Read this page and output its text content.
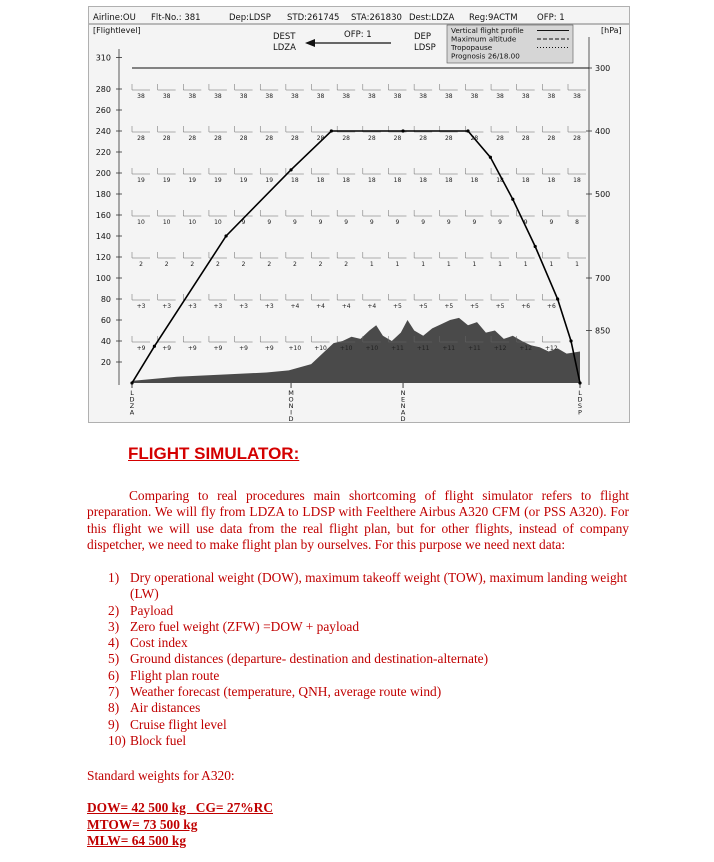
Airline:OU Flt-No.: 381	Dep:LDSP STD:261745 STA:261830 Dest:LDZA Reg:9ACTM OFP: 1
[Flightlevel]	[hPa]
Vertical flight profile
Maximum altitude
Tropopause
Prognosis 26/18.00
DEST
LDZA
OFP: 1	DEP
LDSP
310
280
260
240
220
200
180
160
140
120
100
80
60
40
20
300
400
500
700
850
38	38	38	38	38	38	38	38	38	38	38	38	38	38	38	38	38	38
28	28	28	28	28	28	28	28	28	28	28	28	28	28	28	28	28	28
19	19	19	19	19	19	18	18	18	18	18	18	18	18	18	18	18	18
10	10	10	10	9	9	9	9	9	9	9	9	9	9	9	9	9	8
2	2	2	2	2	2	2	2	2	1	1	1	1	1	1	1	1	1
+3	+3	+3	+3	+3	+3	+4	+4	+4	+4	+5	+5	+5	+5	+5	+6	+6
+9	+9	+9	+9	+9	+9 +10 +10 +10 +10 +11 +11 +11 +11 +12 +12 +12
L D Z A
M O N I D
N E N A D
L D S P
FLIGHT SIMULATOR:

Comparing to real procedures main shortcoming of flight simulator refers to flight preparation. We will fly from LDZA to LDSP with Feelthere Airbus A320 CFM (or PSS A320). For this flight we will use data from the real flight plan, but for other flights, instead of company dispetcher, we need to make flight plan by ourselves. For this purpose we need next data:

1) Dry operational weight (DOW), maximum takeoff weight (TOW), maximum landing weight (LW)
2) Payload
3) Zero fuel weight (ZFW) =DOW + payload
4) Cost index
5) Ground distances (departure- destination and destination-alternate)
6) Flight plan route
7) Weather forecast (temperature, QNH, average route wind)
8) Air distances
9) Cruise flight level
10) Block fuel

Standard weights for A320:

DOW= 42 500 kg   CG= 27%RC
MTOW= 73 500 kg
MLW= 64 500 kg
